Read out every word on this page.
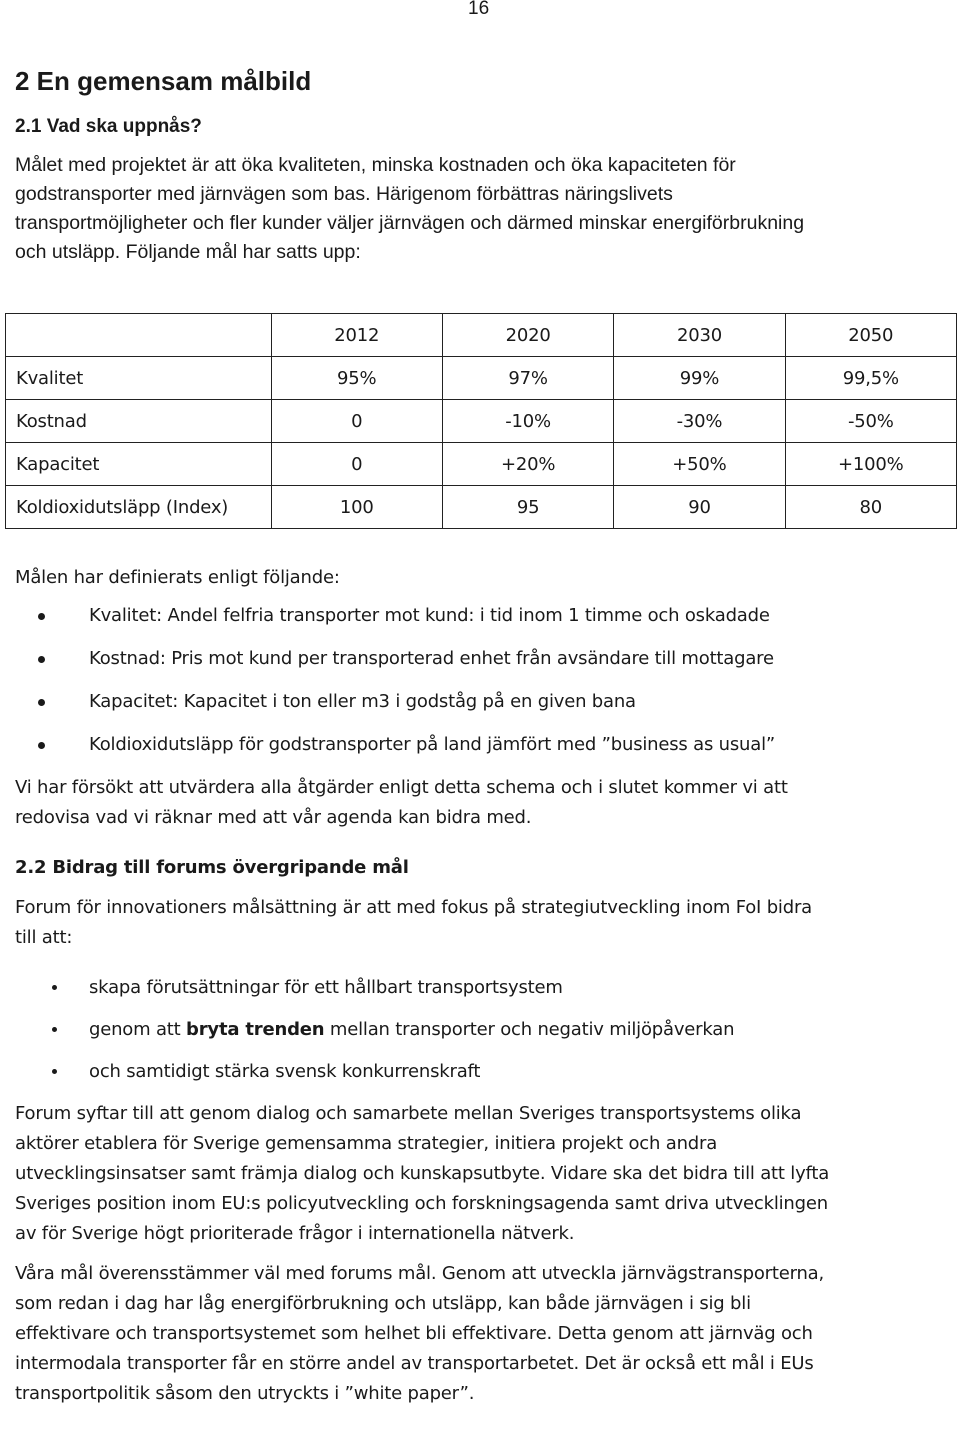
16
2 En gemensam målbild
2.1 Vad ska uppnås?
Målet med projektet är att öka kvaliteten, minska kostnaden och öka kapaciteten för
godstransporter med järnvägen som bas. Härigenom förbättras näringslivets
transportmöjligheter och fler kunder väljer järnvägen och därmed minskar energiförbrukning
och utsläpp. Följande mål har satts upp:
	2012	2020	2030	2050
Kvalitet	95%	97%	99%	99,5%
Kostnad	0	-10%	-30%	-50%
Kapacitet	0	+20%	+50%	+100%
Koldioxidutsläpp (Index)	100	95	90	80
Målen har definierats enligt följande:
Kvalitet: Andel felfria transporter mot kund: i tid inom 1 timme och oskadade
Kostnad: Pris mot kund per transporterad enhet från avsändare till mottagare
Kapacitet: Kapacitet i ton eller m3 i godståg på en given bana
Koldioxidutsläpp för godstransporter på land jämfört med ”business as usual”
Vi har försökt att utvärdera alla åtgärder enligt detta schema och i slutet kommer vi att
redovisa vad vi räknar med att vår agenda kan bidra med.
2.2 Bidrag till forums övergripande mål
Forum för innovationers målsättning är att med fokus på strategiutveckling inom FoI bidra
till att:
skapa förutsättningar för ett hållbart transportsystem
genom att bryta trenden mellan transporter och negativ miljöpåverkan
och samtidigt stärka svensk konkurrenskraft
Forum syftar till att genom dialog och samarbete mellan Sveriges transportsystems olika
aktörer etablera för Sverige gemensamma strategier, initiera projekt och andra
utvecklingsinsatser samt främja dialog och kunskapsutbyte. Vidare ska det bidra till att lyfta
Sveriges position inom EU:s policyutveckling och forskningsagenda samt driva utvecklingen
av för Sverige högt prioriterade frågor i internationella nätverk.
Våra mål överensstämmer väl med forums mål. Genom att utveckla järnvägstransporterna,
som redan i dag har låg energiförbrukning och utsläpp, kan både järnvägen i sig bli
effektivare och transportsystemet som helhet bli effektivare. Detta genom att järnväg och
intermodala transporter får en större andel av transportarbetet. Det är också ett mål i EUs
transportpolitik såsom den utryckts i ”white paper”.
